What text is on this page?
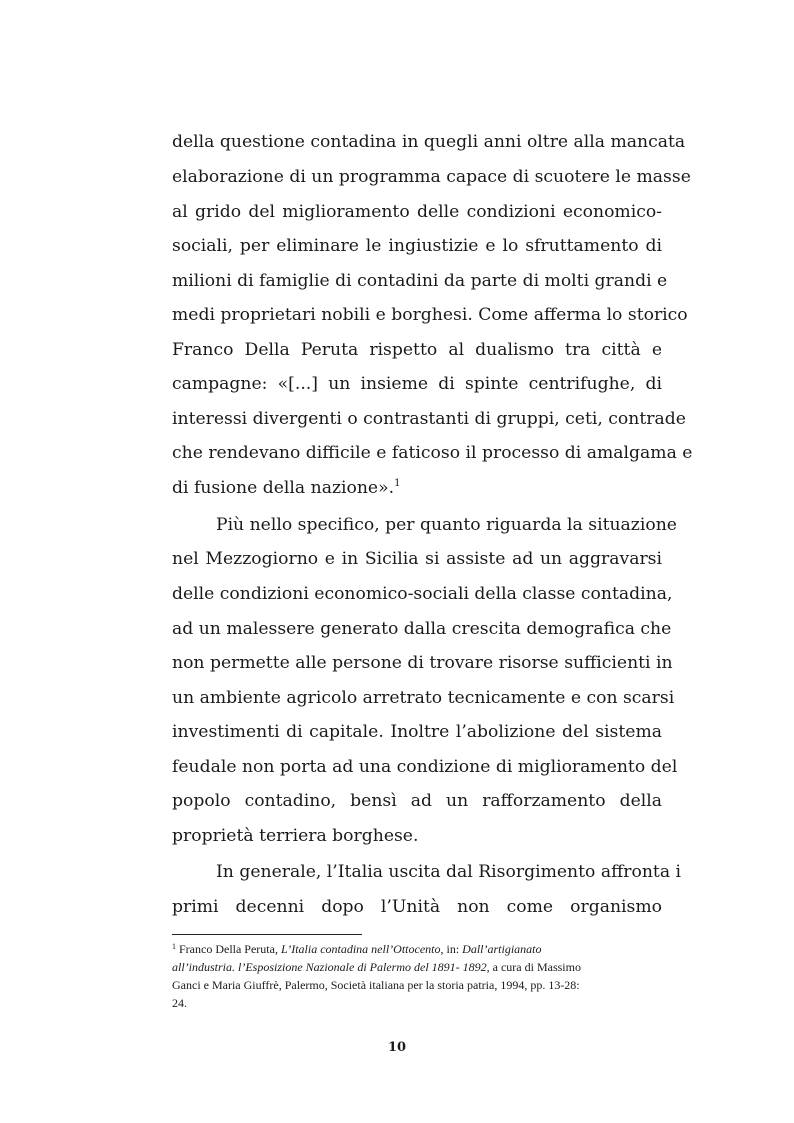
della questione contadina in quegli anni oltre alla mancata
elaborazione di un programma capace di scuotere le masse
al grido del miglioramento delle condizioni economico-
sociali, per eliminare le ingiustizie e lo sfruttamento di
milioni di famiglie di contadini da parte di molti grandi e
medi proprietari nobili e borghesi. Come afferma lo storico
Franco Della Peruta rispetto al dualismo tra città e
campagne: «[...] un insieme di spinte centrifughe, di
interessi divergenti o contrastanti di gruppi, ceti, contrade
che rendevano difficile e faticoso il processo di amalgama e
di fusione della nazione».$^1$
Più nello specifico, per quanto riguarda la situazione
nel Mezzogiorno e in Sicilia si assiste ad un aggravarsi
delle condizioni economico-sociali della classe contadina,
ad un malessere generato dalla crescita demografica che
non permette alle persone di trovare risorse sufficienti in
un ambiente agricolo arretrato tecnicamente e con scarsi
investimenti di capitale. Inoltre l’abolizione del sistema
feudale non porta ad una condizione di miglioramento del
popolo contadino, bensì ad un rafforzamento della
proprietà terriera borghese.
In generale, l’Italia uscita dal Risorgimento affronta i
primi decenni dopo l’Unità non come organismo
$^1$ Franco Della Peruta, L’Italia contadina nell’Ottocento, in: Dall’artigianato
all’industria. l’Esposizione Nazionale di Palermo del 1891- 1892, a cura di Massimo
Ganci e Maria Giuffrè, Palermo, Società italiana per la storia patria, 1994, pp. 13-28:
24.
10
